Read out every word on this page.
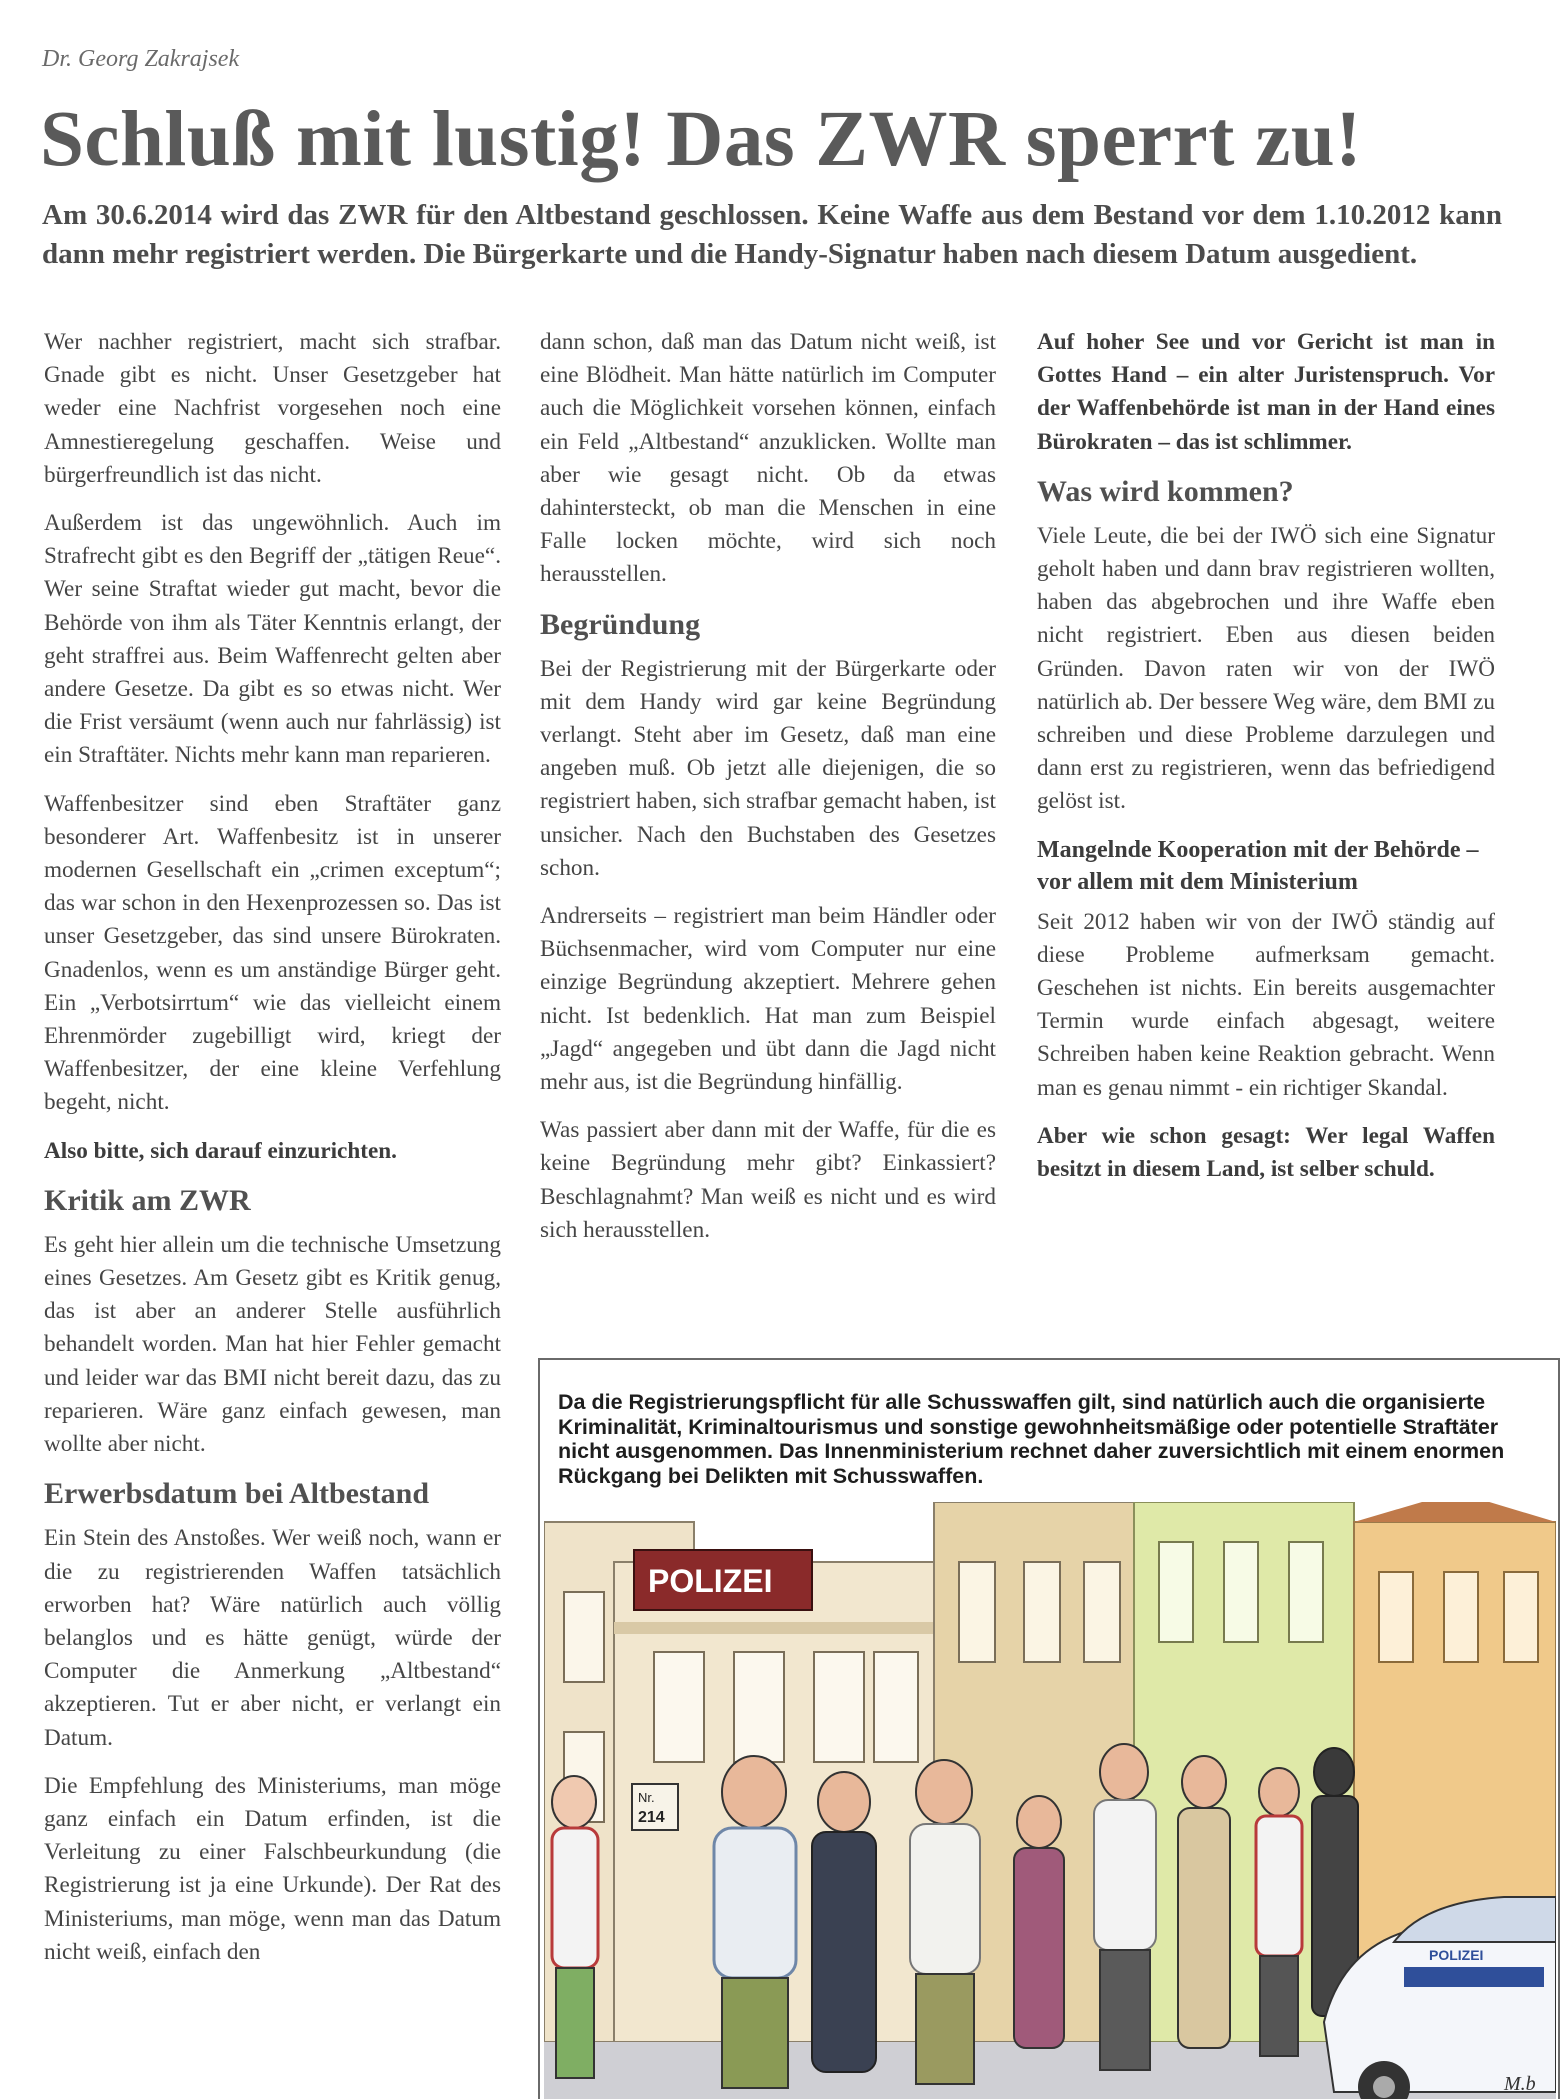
Dr. Georg Zakrajsek
Schluß mit lustig! Das ZWR sperrt zu!

Am 30.6.2014 wird das ZWR für den Altbestand geschlossen. Keine Waffe aus dem Bestand vor dem 1.10.2012 kann dann mehr registriert werden. Die Bürgerkarte und die Handy-Signatur haben nach diesem Datum ausgedient.

Wer nachher registriert, macht sich strafbar. Gnade gibt es nicht. Unser Gesetzgeber hat weder eine Nachfrist vorgesehen noch eine Amnestieregelung geschaffen. Weise und bürgerfreundlich ist das nicht.

Außerdem ist das ungewöhnlich. Auch im Strafrecht gibt es den Begriff der „tätigen Reue“. Wer seine Straftat wieder gut macht, bevor die Behörde von ihm als Täter Kenntnis erlangt, der geht straffrei aus. Beim Waffenrecht gelten aber andere Gesetze. Da gibt es so etwas nicht. Wer die Frist versäumt (wenn auch nur fahrlässig) ist ein Straftäter. Nichts mehr kann man reparieren.

Waffenbesitzer sind eben Straftäter ganz besonderer Art. Waffenbesitz ist in unserer modernen Gesellschaft ein „crimen exceptum“; das war schon in den Hexenprozessen so. Das ist unser Gesetzgeber, das sind unsere Bürokraten. Gnadenlos, wenn es um anständige Bürger geht. Ein „Verbotsirrtum“ wie das vielleicht einem Ehrenmörder zugebilligt wird, kriegt der Waffenbesitzer, der eine kleine Verfehlung begeht, nicht.

Also bitte, sich darauf einzurichten.

Kritik am ZWR

Es geht hier allein um die technische Umsetzung eines Gesetzes. Am Gesetz gibt es Kritik genug, das ist aber an anderer Stelle ausführlich behandelt worden. Man hat hier Fehler gemacht und leider war das BMI nicht bereit dazu, das zu reparieren. Wäre ganz einfach gewesen, man wollte aber nicht.

Erwerbsdatum bei Altbestand

Ein Stein des Anstoßes. Wer weiß noch, wann er die zu registrierenden Waffen tatsächlich erworben hat? Wäre natürlich auch völlig belanglos und es hätte genügt, würde der Computer die Anmerkung „Altbestand“ akzeptieren. Tut er aber nicht, er verlangt ein Datum.

Die Empfehlung des Ministeriums, man möge ganz einfach ein Datum erfinden, ist die Verleitung zu einer Falschbeurkundung (die Registrierung ist ja eine Urkunde). Der Rat des Ministeriums, man möge, wenn man das Datum nicht weiß, einfach den

dann schon, daß man das Datum nicht weiß, ist eine Blödheit. Man hätte natürlich im Computer auch die Möglichkeit vorsehen können, einfach ein Feld „Altbestand“ anzuklicken. Wollte man aber wie gesagt nicht. Ob da etwas dahintersteckt, ob man die Menschen in eine Falle locken möchte, wird sich noch herausstellen.

Begründung

Bei der Registrierung mit der Bürgerkarte oder mit dem Handy wird gar keine Begründung verlangt. Steht aber im Gesetz, daß man eine angeben muß. Ob jetzt alle diejenigen, die so registriert haben, sich strafbar gemacht haben, ist unsicher. Nach den Buchstaben des Gesetzes schon.

Andrerseits – registriert man beim Händler oder Büchsenmacher, wird vom Computer nur eine einzige Begründung akzeptiert. Mehrere gehen nicht. Ist bedenklich. Hat man zum Beispiel „Jagd“ angegeben und übt dann die Jagd nicht mehr aus, ist die Begründung hinfällig.

Was passiert aber dann mit der Waffe, für die es keine Begründung mehr gibt? Einkassiert? Beschlagnahmt? Man weiß es nicht und es wird sich herausstellen.

Auf hoher See und vor Gericht ist man in Gottes Hand – ein alter Juristenspruch. Vor der Waffenbehörde ist man in der Hand eines Bürokraten – das ist schlimmer.

Was wird kommen?

Viele Leute, die bei der IWÖ sich eine Signatur geholt haben und dann brav registrieren wollten, haben das abgebrochen und ihre Waffe eben nicht registriert. Eben aus diesen beiden Gründen. Davon raten wir von der IWÖ natürlich ab. Der bessere Weg wäre, dem BMI zu schreiben und diese Probleme darzulegen und dann erst zu registrieren, wenn das befriedigend gelöst ist.

Mangelnde Kooperation mit der Behörde – vor allem mit dem Ministerium

Seit 2012 haben wir von der IWÖ ständig auf diese Probleme aufmerksam gemacht. Geschehen ist nichts. Ein bereits ausgemachter Termin wurde einfach abgesagt, weitere Schreiben haben keine Reaktion gebracht. Wenn man es genau nimmt - ein richtiger Skandal.

Aber wie schon gesagt: Wer legal Waffen besitzt in diesem Land, ist selber schuld.

Da die Registrierungspflicht für alle Schusswaffen gilt, sind natürlich auch die organisierte Kriminalität, Kriminaltourismus und sonstige gewohnheitsmäßige oder potentielle Straftäter nicht ausgenommen. Das Innenministerium rechnet daher zuversichtlich mit einem enormen Rückgang bei Delikten mit Schusswaffen.

POLIZEI
Nr.
214
POLIZEI
M.b
